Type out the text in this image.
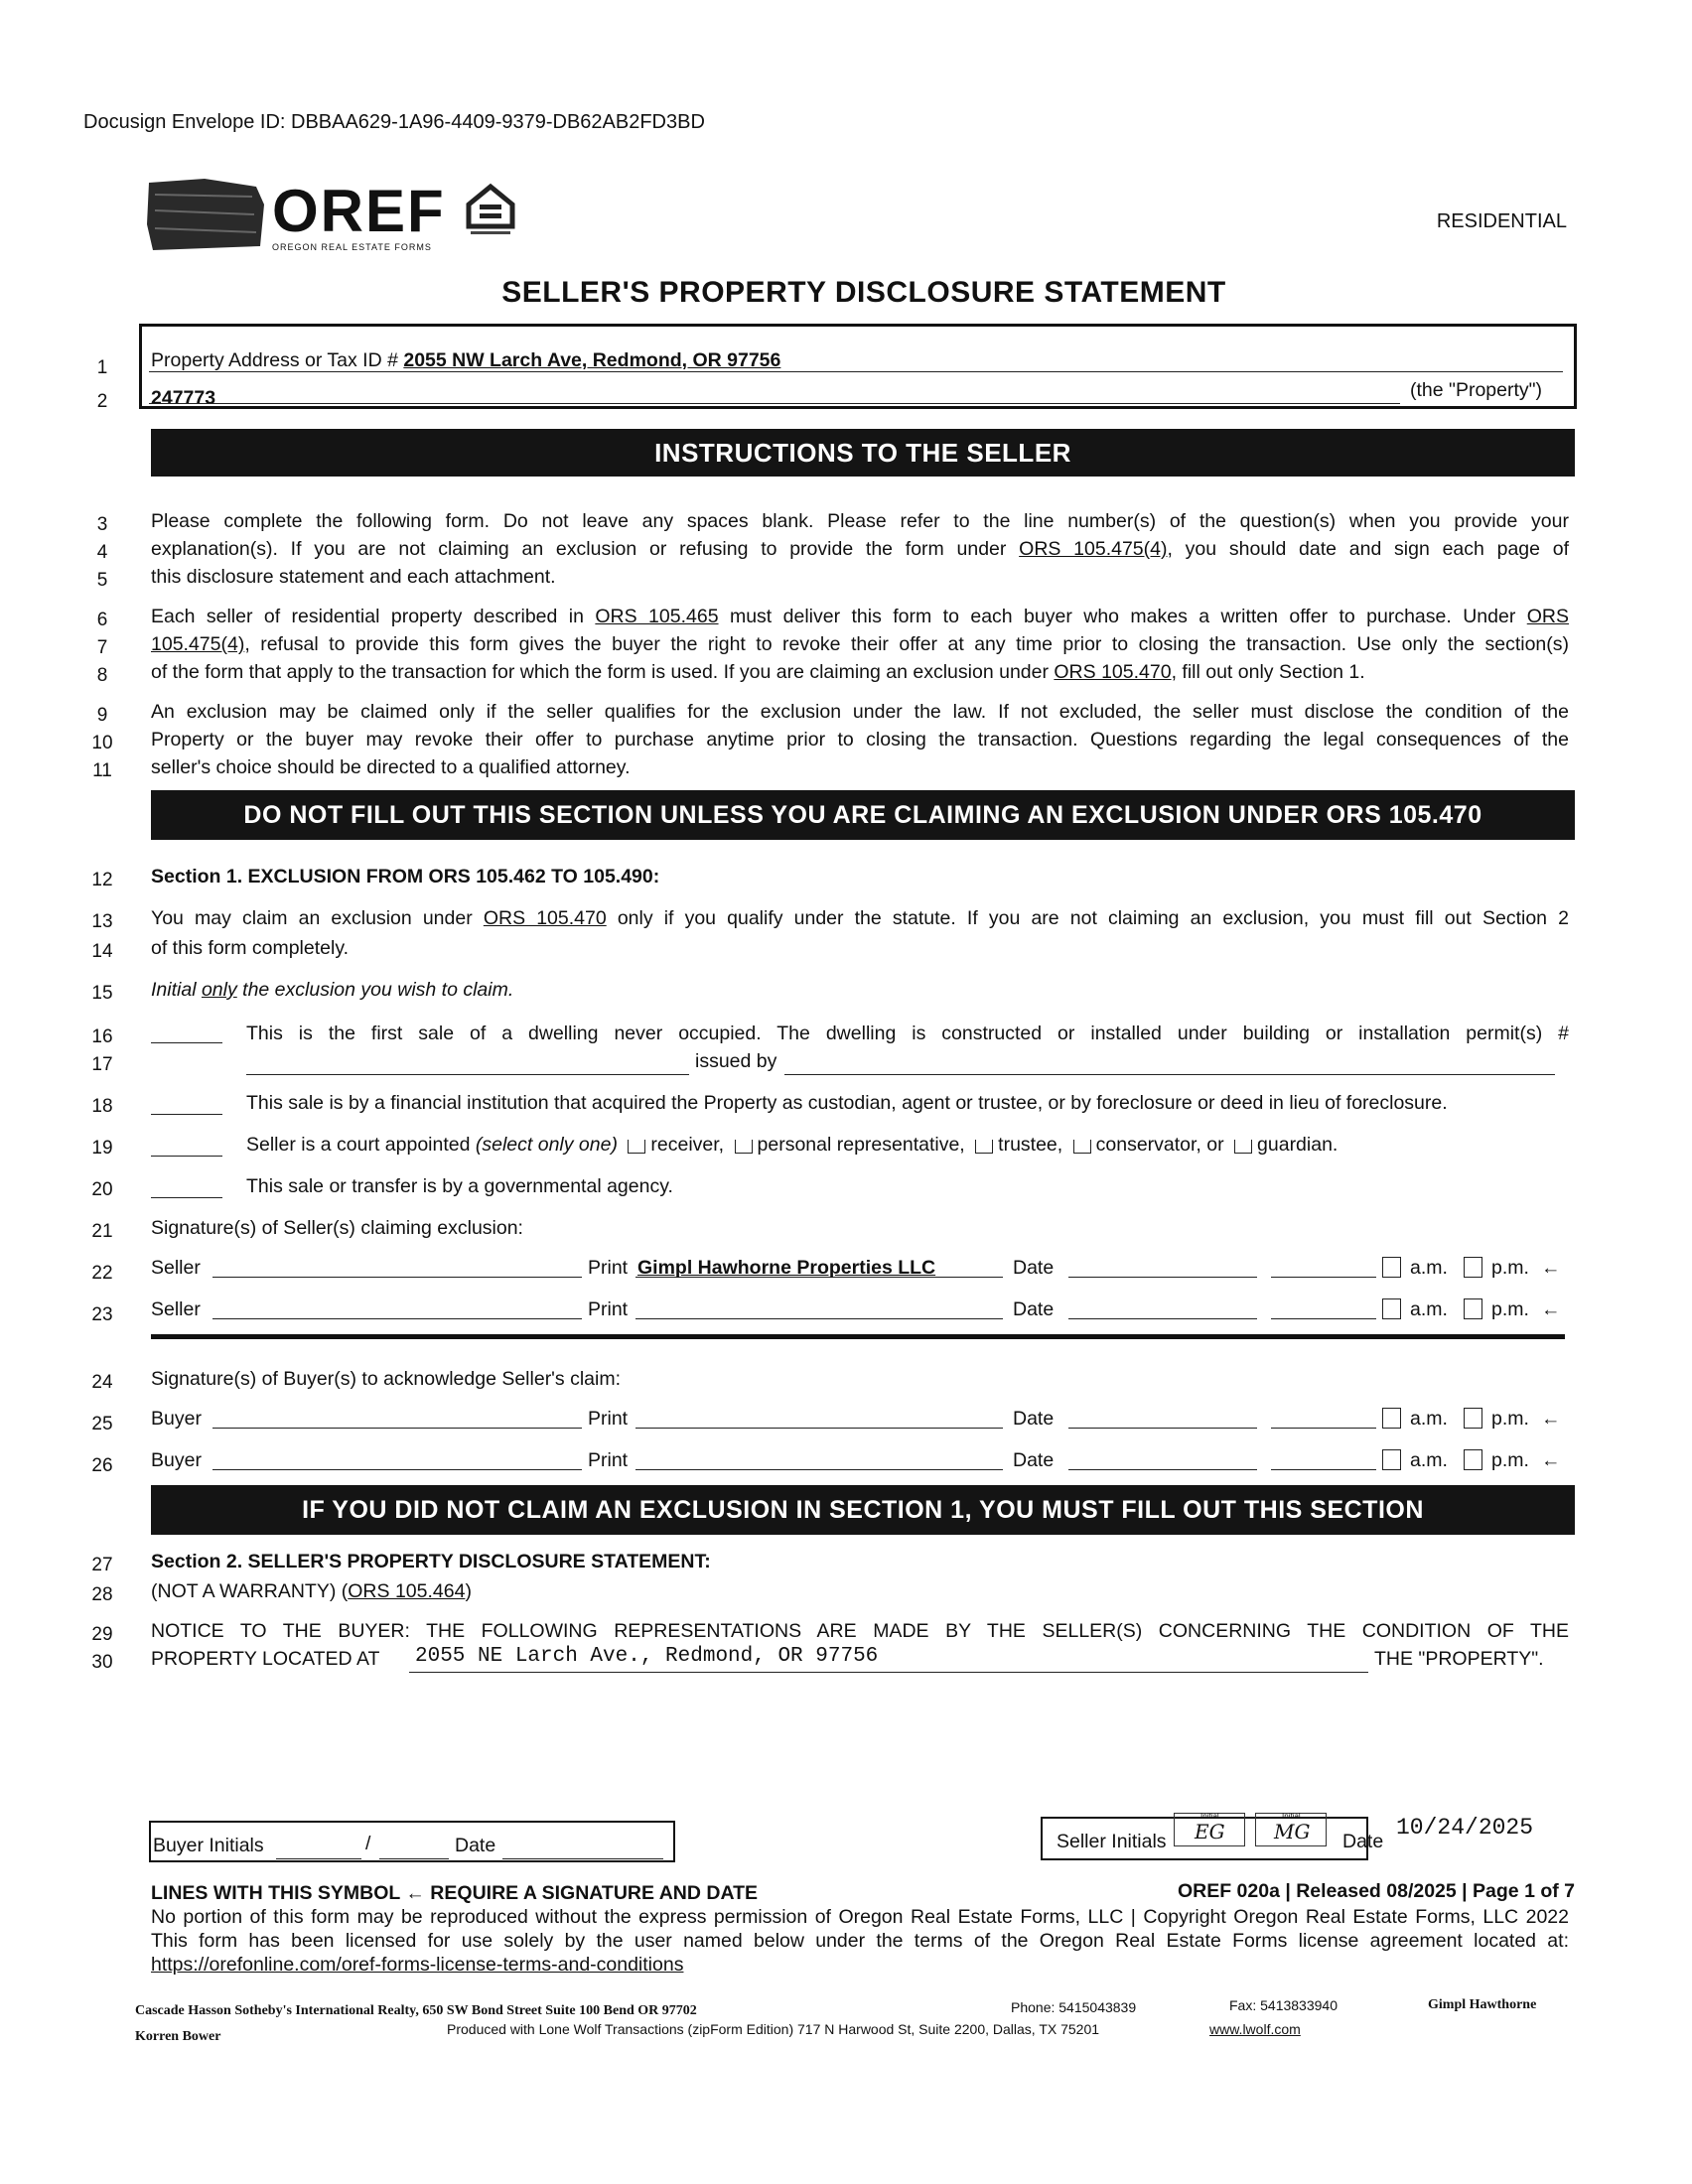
Docusign Envelope ID: DBBAA629-1A96-4409-9379-DB62AB2FD3BD
OREF
OREGON REAL ESTATE FORMS
RESIDENTIAL
SELLER'S PROPERTY DISCLOSURE STATEMENT
Property Address or Tax ID # 2055 NW Larch Ave, Redmond, OR 97756
247773	(the "Property")
INSTRUCTIONS TO THE SELLER
1
2
3
4
5
6
7
8
9
10
11
12
13
14
15
16
17
18
19
20
21
22
23
24
25
26
27
28
29
30
Please complete the following form. Do not leave any spaces blank. Please refer to the line number(s) of the question(s) when you provide your
explanation(s). If you are not claiming an exclusion or refusing to provide the form under ORS 105.475(4), you should date and sign each page of
this disclosure statement and each attachment.
Each seller of residential property described in ORS 105.465 must deliver this form to each buyer who makes a written offer to purchase. Under ORS
105.475(4), refusal to provide this form gives the buyer the right to revoke their offer at any time prior to closing the transaction. Use only the section(s)
of the form that apply to the transaction for which the form is used. If you are claiming an exclusion under ORS 105.470, fill out only Section 1.
An exclusion may be claimed only if the seller qualifies for the exclusion under the law. If not excluded, the seller must disclose the condition of the
Property or the buyer may revoke their offer to purchase anytime prior to closing the transaction. Questions regarding the legal consequences of the
seller's choice should be directed to a qualified attorney.
DO NOT FILL OUT THIS SECTION UNLESS YOU ARE CLAIMING AN EXCLUSION UNDER ORS 105.470
Section 1. EXCLUSION FROM ORS 105.462 TO 105.490:
You may claim an exclusion under ORS 105.470 only if you qualify under the statute. If you are not claiming an exclusion, you must fill out Section 2
of this form completely.
Initial only the exclusion you wish to claim.
This is the first sale of a dwelling never occupied. The dwelling is constructed or installed under building or installation permit(s) #
issued by
This sale is by a financial institution that acquired the Property as custodian, agent or trustee, or by foreclosure or deed in lieu of foreclosure.
Seller is a court appointed (select only one) receiver, personal representative, trustee, conservator, or guardian.
This sale or transfer is by a governmental agency.
Signature(s) of Seller(s) claiming exclusion:
Seller	Print Gimpl Hawhorne Properties LLC	Date	a.m. p.m. ←
Seller	Print	Date	a.m. p.m. ←
Signature(s) of Buyer(s) to acknowledge Seller's claim:
Buyer	Print	Date	a.m. p.m. ←
Buyer	Print	Date	a.m. p.m. ←
IF YOU DID NOT CLAIM AN EXCLUSION IN SECTION 1, YOU MUST FILL OUT THIS SECTION
Section 2. SELLER'S PROPERTY DISCLOSURE STATEMENT:
(NOT A WARRANTY) (ORS 105.464)
NOTICE TO THE BUYER: THE FOLLOWING REPRESENTATIONS ARE MADE BY THE SELLER(S) CONCERNING THE CONDITION OF THE
PROPERTY LOCATED AT 2055 NE Larch Ave., Redmond, OR 97756	THE "PROPERTY".
Buyer Initials	/	Date	Seller Initials
Initial
EG
Initial
MG Date
10/24/2025
LINES WITH THIS SYMBOL ← REQUIRE A SIGNATURE AND DATE	OREF 020a | Released 08/2025 | Page 1 of 7
No portion of this form may be reproduced without the express permission of Oregon Real Estate Forms, LLC | Copyright Oregon Real Estate Forms, LLC 2022
This form has been licensed for use solely by the user named below under the terms of the Oregon Real Estate Forms license agreement located at:
https://orefonline.com/oref-forms-license-terms-and-conditions
Cascade Hasson Sotheby's International Realty, 650 SW Bond Street Suite 100 Bend OR 97702	Phone: 5415043839	Fax: 5413833940	Gimpl Hawthorne
Korren Bower	Produced with Lone Wolf Transactions (zipForm Edition) 717 N Harwood St, Suite 2200, Dallas, TX 75201	www.lwolf.com
